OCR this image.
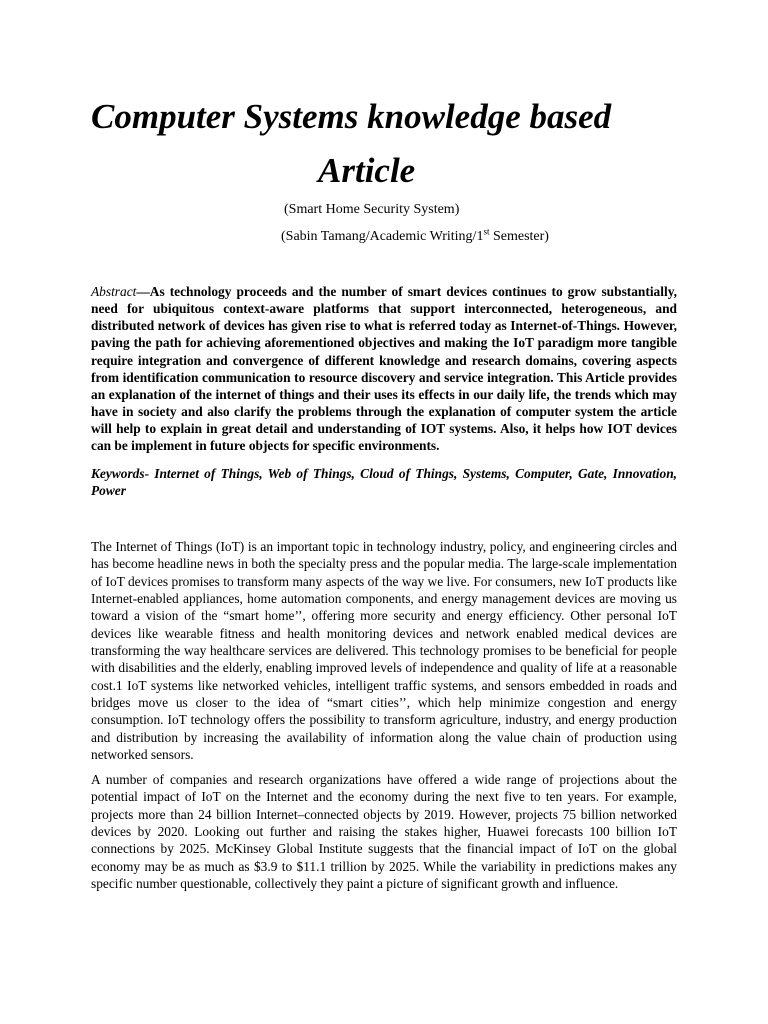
Computer Systems knowledge based
Article

(Smart Home Security System)

(Sabin Tamang/Academic Writing/1st Semester)

Abstract—As technology proceeds and the number of smart devices continues to grow substantially, need for ubiquitous context-aware platforms that support interconnected, heterogeneous, and distributed network of devices has given rise to what is referred today as Internet-of-Things. However, paving the path for achieving aforementioned objectives and making the IoT paradigm more tangible require integration and convergence of different knowledge and research domains, covering aspects from identification communication to resource discovery and service integration. This Article provides an explanation of the internet of things and their uses its effects in our daily life, the trends which may have in society and also clarify the problems through the explanation of computer system the article will help to explain in great detail and understanding of IOT systems. Also, it helps how IOT devices can be implement in future objects for specific environments.

Keywords- Internet of Things, Web of Things, Cloud of Things, Systems, Computer, Gate, Innovation, Power

The Internet of Things (IoT) is an important topic in technology industry, policy, and engineering circles and has become headline news in both the specialty press and the popular media. The large-scale implementation of IoT devices promises to transform many aspects of the way we live. For consumers, new IoT products like Internet-enabled appliances, home automation components, and energy management devices are moving us toward a vision of the “smart home’’, offering more security and energy efficiency. Other personal IoT devices like wearable fitness and health monitoring devices and network enabled medical devices are transforming the way healthcare services are delivered. This technology promises to be beneficial for people with disabilities and the elderly, enabling improved levels of independence and quality of life at a reasonable cost.1 IoT systems like networked vehicles, intelligent traffic systems, and sensors embedded in roads and bridges move us closer to the idea of “smart cities’’, which help minimize congestion and energy consumption. IoT technology offers the possibility to transform agriculture, industry, and energy production and distribution by increasing the availability of information along the value chain of production using networked sensors.

A number of companies and research organizations have offered a wide range of projections about the potential impact of IoT on the Internet and the economy during the next five to ten years. For example, projects more than 24 billion Internet–connected objects by 2019. However, projects 75 billion networked devices by 2020. Looking out further and raising the stakes higher, Huawei forecasts 100 billion IoT connections by 2025. McKinsey Global Institute suggests that the financial impact of IoT on the global economy may be as much as $3.9 to $11.1 trillion by 2025. While the variability in predictions makes any specific number questionable, collectively they paint a picture of significant growth and influence.
